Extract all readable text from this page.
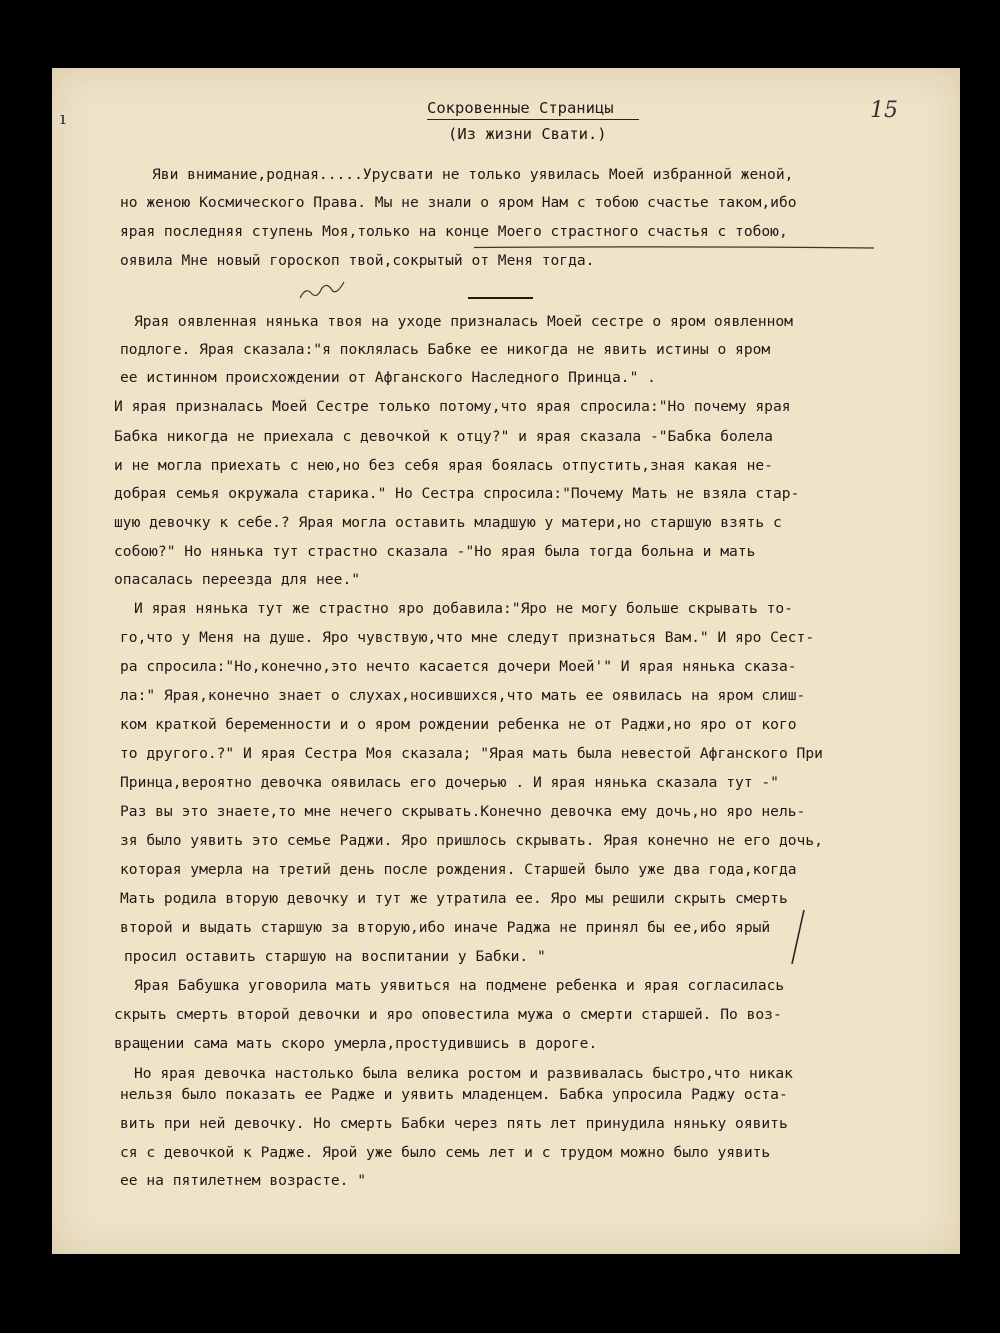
ı	Сокровенные Страницы
(Из жизни Свати.)
15
Яви внимание,родная.....Урусвати не только уявилась Моей избранной женой,
но женою Космического Права. Мы не знали о яром Нам с тобою счастье таком,ибо
ярая последняя ступень Моя,только на конце Моего страстного счастья с тобою,
оявила Мне новый гороскоп твой,сокрытый от Меня тогда.
Ярая оявленная нянька твоя на уходе призналась Моей сестре о яром оявленном
подлоге. Ярая сказала:"я поклялась Бабке ее никогда не явить истины о яром
ее истинном происхождении от Афганского Наследного Принца." .
И ярая призналась Моей Сестре только потому,что ярая спросила:"Но почему ярая
Бабка никогда не приехала с девочкой к отцу?" и ярая сказала -"Бабка болела
и не могла приехать с нею,но без себя ярая боялась отпустить,зная какая не-
добрая семья окружала старика." Но Сестра спросила:"Почему Мать не взяла стар-
шую девочку к себе.? Ярая могла оставить младшую у матери,но старшую взять с
собою?" Но нянька тут страстно сказала -"Но ярая была тогда больна и мать
опасалась переезда для нее."
И ярая нянька тут же страстно яро добавила:"Яро не могу больше скрывать то-
го,что у Меня на душе. Яро чувствую,что мне следут признаться Вам." И яро Сест-
ра спросила:"Но,конечно,это нечто касается дочери Моей'" И ярая нянька сказа-
ла:" Ярая,конечно знает о слухах,носившихся,что мать ее оявилась на яром слиш-
ком краткой беременности и о яром рождении ребенка не от Раджи,но яро от кого
то другого.?" И ярая Сестра Моя сказала; "Ярая мать была невестой Афганского При
Принца,вероятно девочка оявилась его дочерью . И ярая нянька сказала тут -"
Раз вы это знаете,то мне нечего скрывать.Конечно девочка ему дочь,но яро нель-
зя было уявить это семье Раджи. Яро пришлось скрывать. Ярая конечно не его дочь,
которая умерла на третий день после рождения. Старшей было уже два года,когда
Мать родила вторую девочку и тут же утратила ее. Яро мы решили скрыть смерть
второй и выдать старшую за вторую,ибо иначе Раджа не принял бы ее,ибо ярый
просил оставить старшую на воспитании у Бабки. "
Ярая Бабушка уговорила мать уявиться на подмене ребенка и ярая согласилась
скрыть смерть второй девочки и яро оповестила мужа о смерти старшей. По воз-
вращении сама мать скоро умерла,простудившись в дороге.
Но ярая девочка настолько была велика ростом и развивалась быстро,что никак
нельзя было показать ее Радже и уявить младенцем. Бабка упросила Раджу оста-
вить при ней девочку. Но смерть Бабки через пять лет принудила няньку оявить
ся с девочкой к Радже. Ярой уже было семь лет и с трудом можно было уявить
ее на пятилетнем возрасте. "
